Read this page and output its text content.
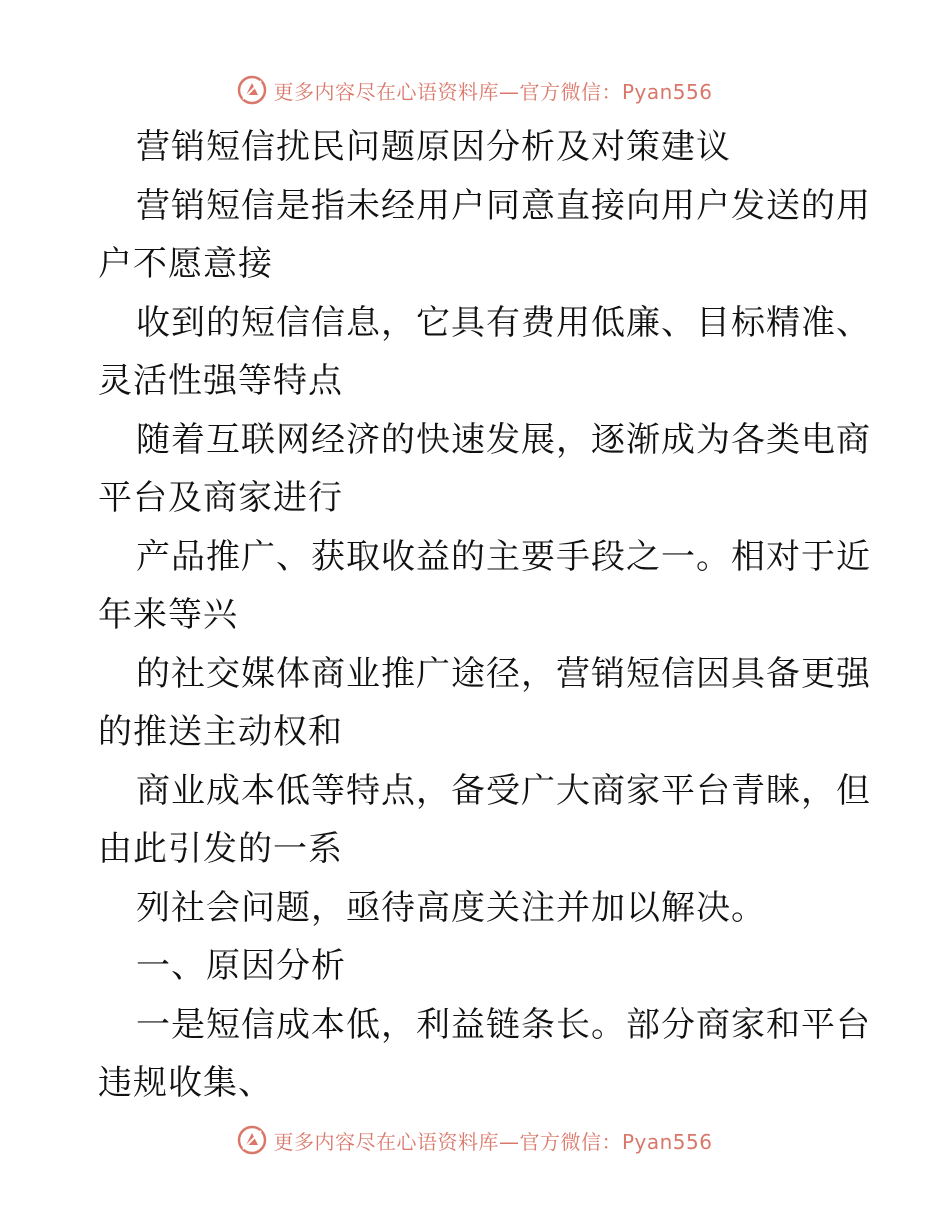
更多内容尽在心语资料库—官方微信：Pyan556
营销短信扰民问题原因分析及对策建议
营销短信是指未经用户同意直接向用户发送的用
户不愿意接
收到的短信信息，它具有费用低廉、目标精准、
灵活性强等特点
随着互联网经济的快速发展，逐渐成为各类电商
平台及商家进行
产品推广、获取收益的主要手段之一。相对于近
年来等兴
的社交媒体商业推广途径，营销短信因具备更强
的推送主动权和
商业成本低等特点，备受广大商家平台青睐，但
由此引发的一系
列社会问题，亟待高度关注并加以解决。
一、原因分析
一是短信成本低，利益链条长。部分商家和平台
违规收集、
更多内容尽在心语资料库—官方微信：Pyan556
